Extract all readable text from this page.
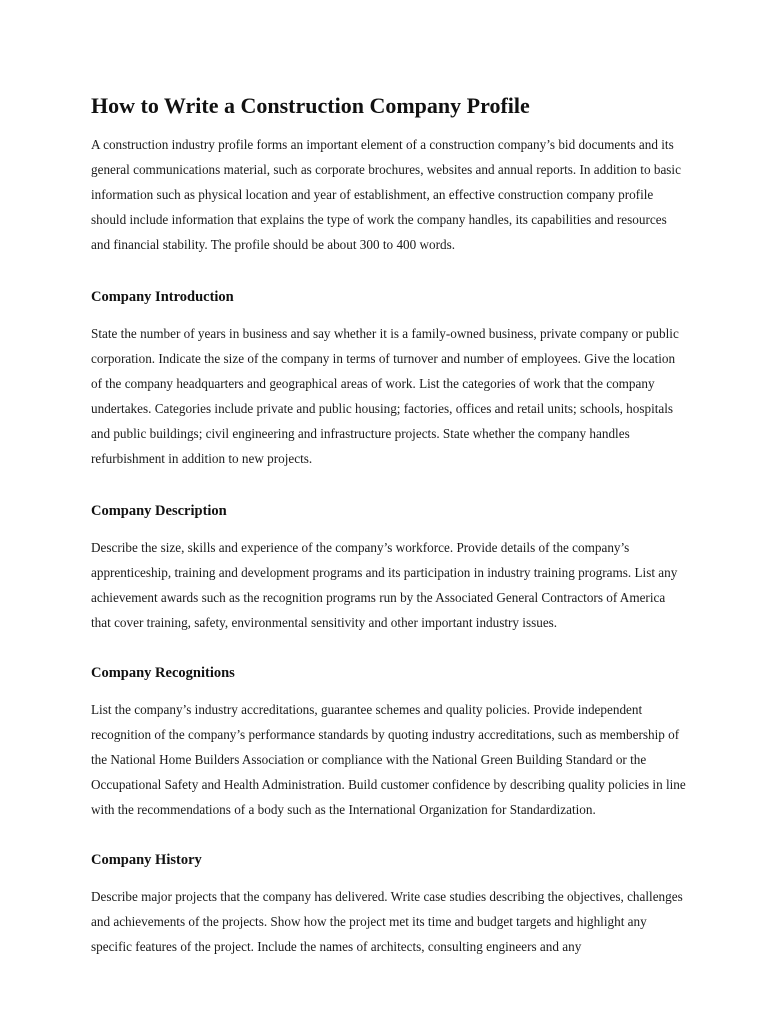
How to Write a Construction Company Profile

A construction industry profile forms an important element of a construction company’s bid documents and its general communications material, such as corporate brochures, websites and annual reports. In addition to basic information such as physical location and year of establishment, an effective construction company profile should include information that explains the type of work the company handles, its capabilities and resources and financial stability. The profile should be about 300 to 400 words.

Company Introduction

State the number of years in business and say whether it is a family-owned business, private company or public corporation. Indicate the size of the company in terms of turnover and number of employees. Give the location of the company headquarters and geographical areas of work. List the categories of work that the company undertakes. Categories include private and public housing; factories, offices and retail units; schools, hospitals and public buildings; civil engineering and infrastructure projects. State whether the company handles refurbishment in addition to new projects.

Company Description

Describe the size, skills and experience of the company’s workforce. Provide details of the company’s apprenticeship, training and development programs and its participation in industry training programs. List any achievement awards such as the recognition programs run by the Associated General Contractors of America that cover training, safety, environmental sensitivity and other important industry issues.

Company Recognitions

List the company’s industry accreditations, guarantee schemes and quality policies. Provide independent recognition of the company’s performance standards by quoting industry accreditations, such as membership of the National Home Builders Association or compliance with the National Green Building Standard or the Occupational Safety and Health Administration. Build customer confidence by describing quality policies in line with the recommendations of a body such as the International Organization for Standardization.

Company History

Describe major projects that the company has delivered. Write case studies describing the objectives, challenges and achievements of the projects. Show how the project met its time and budget targets and highlight any specific features of the project. Include the names of architects, consulting engineers and any
